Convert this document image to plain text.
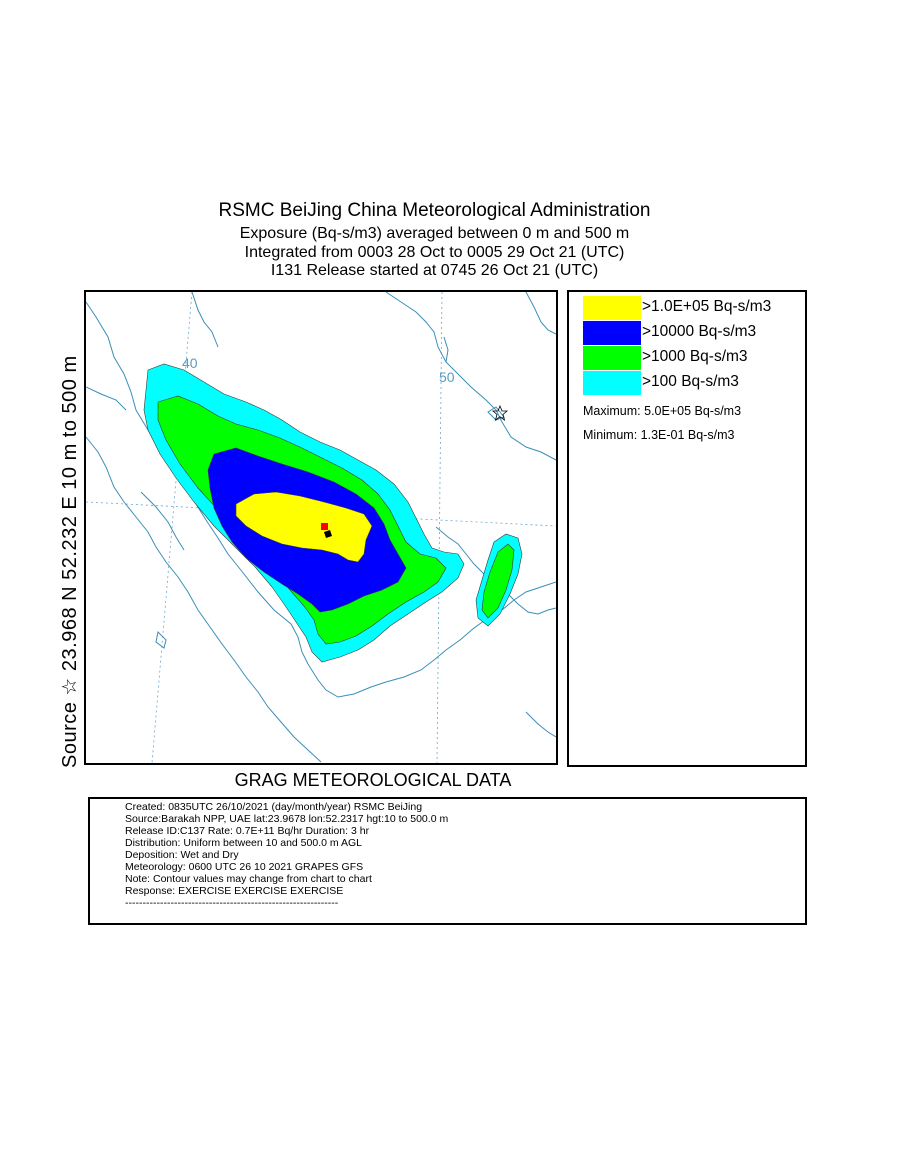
RSMC BeiJing China Meteorological Administration
Exposure (Bq-s/m3) averaged between 0 m and 500 m
Integrated from 0003 28 Oct to 0005 29 Oct 21 (UTC)
I131 Release started at 0745 26 Oct 21 (UTC)
40
50
Source ☆ 23.968 N 52.232 E 10 m to 500 m
GRAG METEOROLOGICAL DATA
>1.0E+05 Bq-s/m3
>10000 Bq-s/m3
>1000 Bq-s/m3
>100 Bq-s/m3
Maximum: 5.0E+05 Bq-s/m3
Minimum: 1.3E-01 Bq-s/m3
Created: 0835UTC 26/10/2021 (day/month/year) RSMC BeiJing
Source:Barakah NPP, UAE lat:23.9678 lon:52.2317 hgt:10 to 500.0 m
Release ID:C137 Rate: 0.7E+11 Bq/hr Duration: 3 hr
Distribution: Uniform between 10 and 500.0 m AGL
Deposition: Wet and Dry
Meteorology: 0600 UTC 26 10 2021 GRAPES GFS
Note: Contour values may change from chart to chart
Response: EXERCISE EXERCISE EXERCISE
-------------------------------------------------------------
